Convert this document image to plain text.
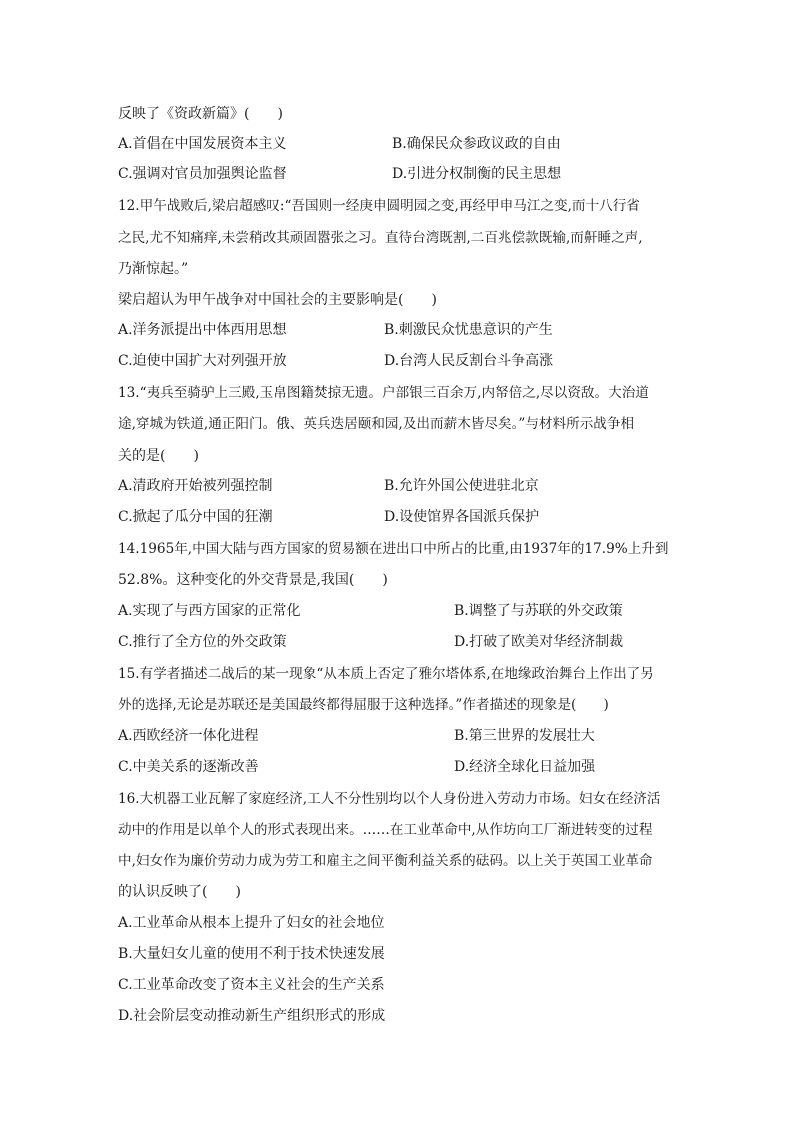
反映了《资政新篇》(　　)
A.首倡在中国发展资本主义	B.确保民众参政议政的自由
C.强调对官员加强舆论监督	D.引进分权制衡的民主思想
12.甲午战败后,梁启超感叹:“吾国则一经庚申圆明园之变,再经甲申马江之变,而十八行省
之民,尤不知痛痒,未尝稍改其顽固嚣张之习。直待台湾既割,二百兆偿款既输,而鼾睡之声,
乃渐惊起。”
梁启超认为甲午战争对中国社会的主要影响是(　　)
A.洋务派提出中体西用思想	B.刺激民众忧患意识的产生
C.迫使中国扩大对列强开放	D.台湾人民反割台斗争高涨
13.“夷兵至骑驴上三殿,玉帛图籍焚掠无遗。户部银三百余万,内帑倍之,尽以资敌。大治道
途,穿城为铁道,通正阳门。俄、英兵迭居颐和园,及出而薪木皆尽矣。”与材料所示战争相
关的是(　　)
A.清政府开始被列强控制	B.允许外国公使进驻北京
C.掀起了瓜分中国的狂潮	D.设使馆界各国派兵保护
14.1965年,中国大陆与西方国家的贸易额在进出口中所占的比重,由1937年的17.9%上升到
52.8%。这种变化的外交背景是,我国(　　)
A.实现了与西方国家的正常化	B.调整了与苏联的外交政策
C.推行了全方位的外交政策	D.打破了欧美对华经济制裁
15.有学者描述二战后的某一现象“从本质上否定了雅尔塔体系,在地缘政治舞台上作出了另
外的选择,无论是苏联还是美国最终都得屈服于这种选择。”作者描述的现象是(　　)
A.西欧经济一体化进程	B.第三世界的发展壮大
C.中美关系的逐渐改善	D.经济全球化日益加强
16.大机器工业瓦解了家庭经济,工人不分性别均以个人身份进入劳动力市场。妇女在经济活
动中的作用是以单个人的形式表现出来。……在工业革命中,从作坊向工厂渐进转变的过程
中,妇女作为廉价劳动力成为劳工和雇主之间平衡利益关系的砝码。以上关于英国工业革命
的认识反映了(　　)
A.工业革命从根本上提升了妇女的社会地位
B.大量妇女儿童的使用不利于技术快速发展
C.工业革命改变了资本主义社会的生产关系
D.社会阶层变动推动新生产组织形式的形成
